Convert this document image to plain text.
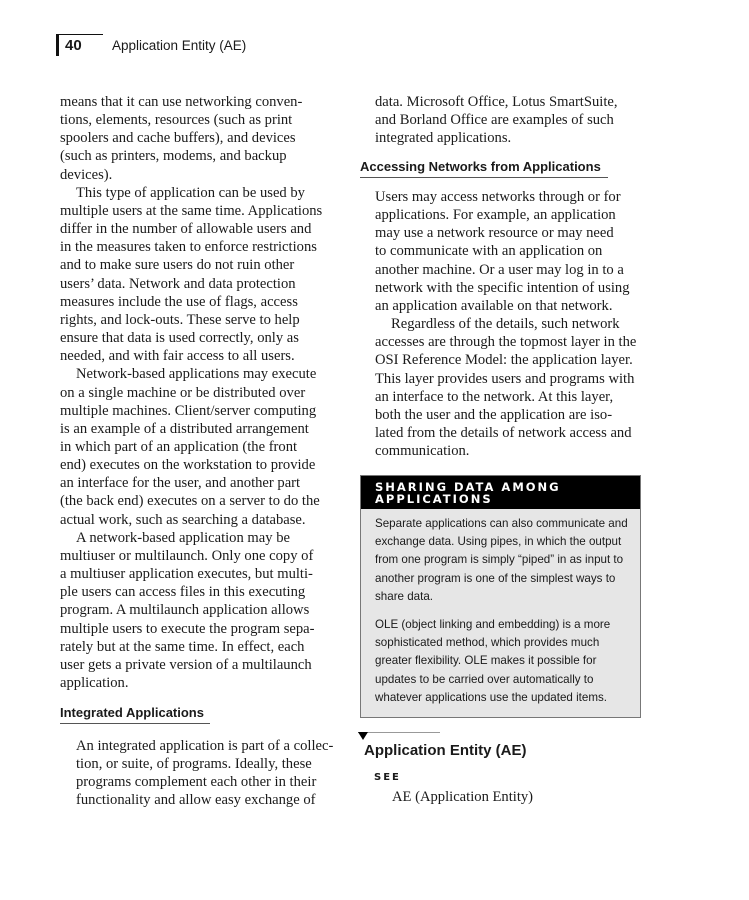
40 Application Entity (AE)
means that it can use networking conven-
tions, elements, resources (such as print
spoolers and cache buffers), and devices
(such as printers, modems, and backup
devices).
This type of application can be used by
multiple users at the same time. Applications
differ in the number of allowable users and
in the measures taken to enforce restrictions
and to make sure users do not ruin other
users’ data. Network and data protection
measures include the use of flags, access
rights, and lock-outs. These serve to help
ensure that data is used correctly, only as
needed, and with fair access to all users.
Network-based applications may execute
on a single machine or be distributed over
multiple machines. Client/server computing
is an example of a distributed arrangement
in which part of an application (the front
end) executes on the workstation to provide
an interface for the user, and another part
(the back end) executes on a server to do the
actual work, such as searching a database.
A network-based application may be
multiuser or multilaunch. Only one copy of
a multiuser application executes, but multi-
ple users can access files in this executing
program. A multilaunch application allows
multiple users to execute the program sepa-
rately but at the same time. In effect, each
user gets a private version of a multilaunch
application.
Integrated Applications
An integrated application is part of a collec-
tion, or suite, of programs. Ideally, these
programs complement each other in their
functionality and allow easy exchange of
data. Microsoft Office, Lotus SmartSuite,
and Borland Office are examples of such
integrated applications.
Accessing Networks from Applications
Users may access networks through or for
applications. For example, an application
may use a network resource or may need
to communicate with an application on
another machine. Or a user may log in to a
network with the specific intention of using
an application available on that network.
Regardless of the details, such network
accesses are through the topmost layer in the
OSI Reference Model: the application layer.
This layer provides users and programs with
an interface to the network. At this layer,
both the user and the application are iso-
lated from the details of network access and
communication.
SHARING DATA AMONG
APPLICATIONS

Separate applications can also communicate and
exchange data. Using pipes, in which the output
from one program is simply “piped” in as input to
another program is one of the simplest ways to
share data.

OLE (object linking and embedding) is a more
sophisticated method, which provides much
greater flexibility. OLE makes it possible for
updates to be carried over automatically to
whatever applications use the updated items.

Application Entity (AE)
SEE
AE (Application Entity)
